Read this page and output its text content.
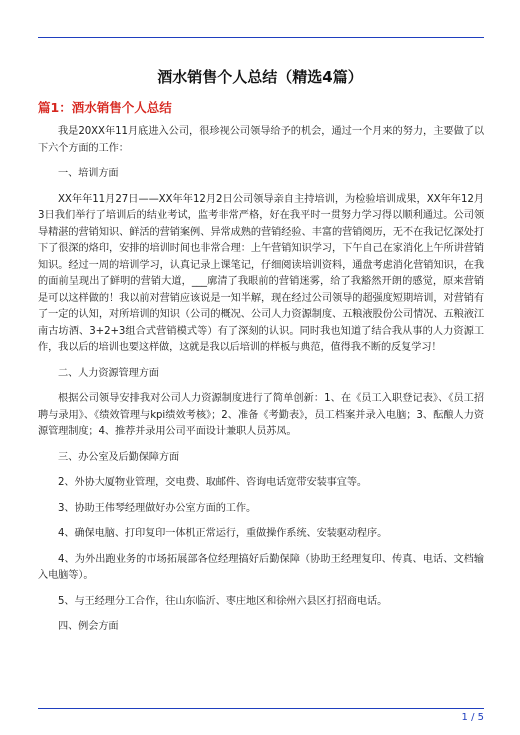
酒水销售个人总结（精选4篇）
篇1：酒水销售个人总结

我是20XX年11月底进入公司，很珍视公司领导给予的机会，通过一个月来的努力，主要做了以下六个方面的工作：

一、培训方面

XX年年11月27日——XX年年12月2日公司领导亲自主持培训，为检验培训成果，XX年年12月3日我们举行了培训后的结业考试，监考非常严格，好在我平时一贯努力学习得以顺利通过。公司领导精湛的营销知识、鲜活的营销案例、异常成熟的营销经验、丰富的营销阅历，无不在我记忆深处打下了很深的烙印，安排的培训时间也非常合理：上午营销知识学习，下午自己在家消化上午所讲营销知识。经过一周的培训学习，认真记录上课笔记，仔细阅读培训资料，通盘考虑消化营销知识，在我的面前呈现出了鲜明的营销大道，___廓清了我眼前的营销迷雾，给了我豁然开朗的感觉，原来营销是可以这样做的！我以前对营销应该说是一知半解，现在经过公司领导的超强度短期培训，对营销有了一定的认知，对所培训的知识（公司的概况、公司人力资源制度、五粮液股份公司情况、五粮液江南古坊酒、3+2+3组合式营销模式等）有了深刻的认识。同时我也知道了结合我从事的人力资源工作，我以后的培训也要这样做，这就是我以后培训的样板与典范，值得我不断的反复学习！

二、人力资源管理方面

根据公司领导安排我对公司人力资源制度进行了简单创新：1、在《员工入职登记表》、《员工招聘与录用》、《绩效管理与kpi绩效考核》；2、准备《考勤表》，员工档案并录入电脑；3、酝酿人力资源管理制度；4、推荐并录用公司平面设计兼职人员苏凤。

三、办公室及后勤保障方面

2、外协大厦物业管理，交电费、取邮件、咨询电话宽带安装事宜等。

3、协助王伟琴经理做好办公室方面的工作。

4、确保电脑、打印复印一体机正常运行，重做操作系统、安装驱动程序。

4、为外出跑业务的市场拓展部各位经理搞好后勤保障（协助王经理复印、传真、电话、文档输入电脑等）。

5、与王经理分工合作，往山东临沂、枣庄地区和徐州六县区打招商电话。

四、例会方面

1 / 5
